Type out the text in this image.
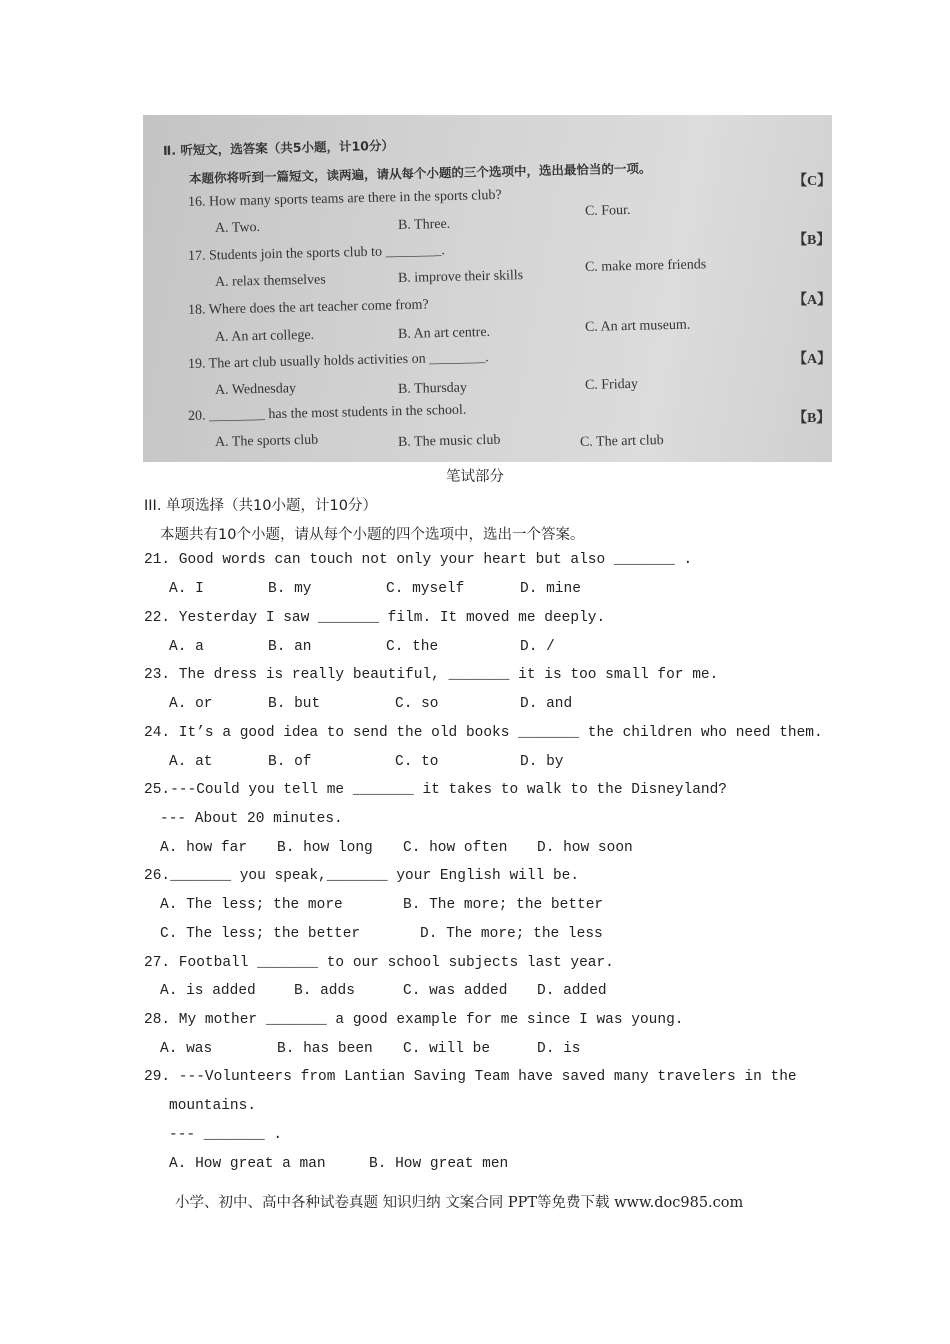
Ⅱ. 听短文，选答案（共5小题，计10分）
本题你将听到一篇短文，读两遍，请从每个小题的三个选项中，选出最恰当的一项。
16. How many sports teams are there in the sports club?
A. Two.	B. Three.
C. Four.
【C】
17. Students join the sports club to ________.
A. relax themselves	B. improve their skills
C. make more friends
【B】
18. Where does the art teacher come from?
A. An art college.	B. An art centre.	C. An art museum.
【A】
19. The art club usually holds activities on ________.
A. Wednesday	B. Thursday	C. Friday
【A】
20. ________ has the most students in the school.
A. The sports club	B. The music club	C. The art club
【B】
笔试部分
III. 单项选择（共10小题，计10分）
本题共有10个小题，请从每个小题的四个选项中，选出一个答案。
21. Good words can touch not only your heart but also _______ .
A. I	B. my	C. myself	D. mine
22. Yesterday I saw _______ film. It moved me deeply.
A. a	B. an	C. the	D. /
23. The dress is really beautiful, _______ it is too small for me.
A. or	B. but	C. so	D. and
24. It’s a good idea to send the old books _______ the children who need them.
A. at	B. of	C. to	D. by
25.---Could you tell me _______ it takes to walk to the Disneyland?
--- About 20 minutes.
A. how far B. how long C. how often D. how soon
26._______ you speak,_______ your English will be.
A. The less; the more	B. The more; the better
C. The less; the better	D. The more; the less
27. Football _______ to our school subjects last year.
A. is added	B. adds	C. was added D. added
28. My mother _______ a good example for me since I was young.
A. was	B. has been C. will be	D. is
29. ---Volunteers from Lantian Saving Team have saved many travelers in the
mountains.
--- _______ .
A. How great a man	B. How great men
小学、初中、高中各种试卷真题 知识归纳 文案合同 PPT等免费下载 www.doc985.com
